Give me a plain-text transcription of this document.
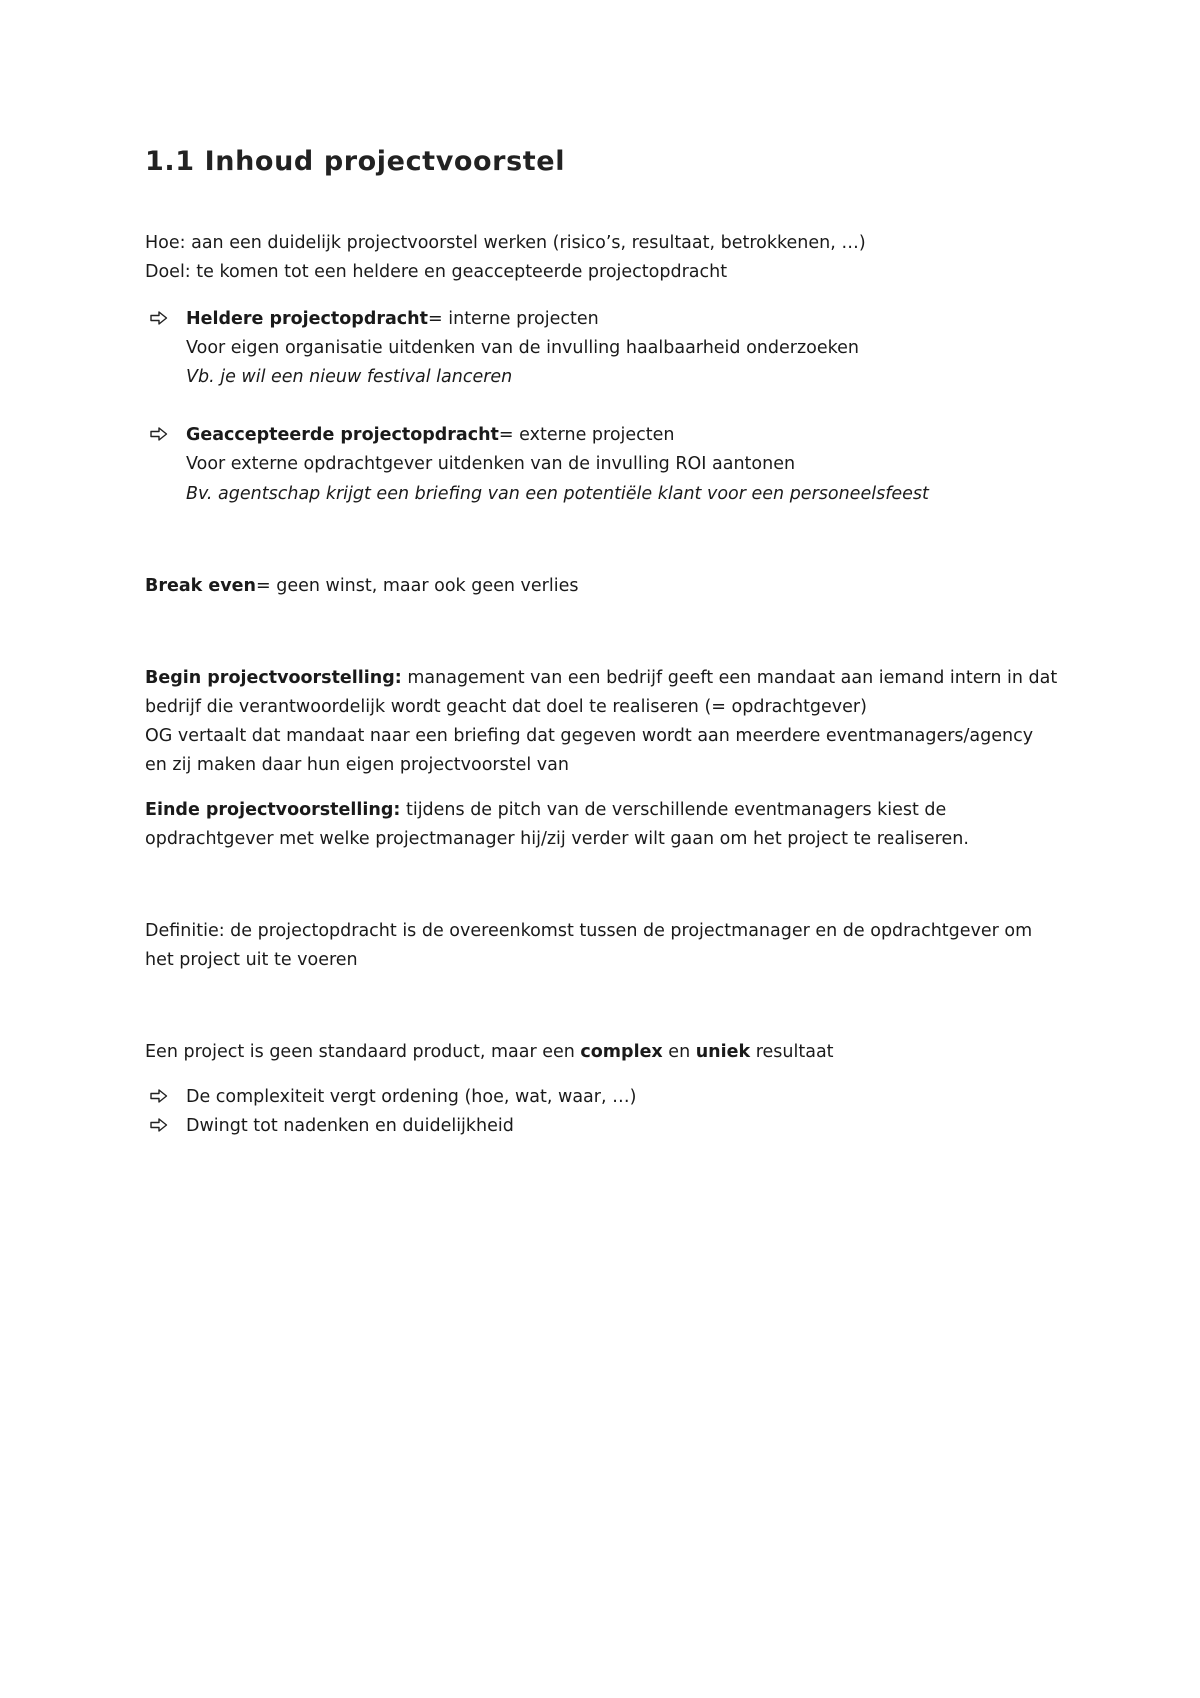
1.1 Inhoud projectvoorstel
Hoe: aan een duidelijk projectvoorstel werken (risico’s, resultaat, betrokkenen, …)
Doel: te komen tot een heldere en geaccepteerde projectopdracht
Heldere projectopdracht= interne projecten
Voor eigen organisatie uitdenken van de invulling haalbaarheid onderzoeken
Vb. je wil een nieuw festival lanceren
Geaccepteerde projectopdracht= externe projecten
Voor externe opdrachtgever uitdenken van de invulling ROI aantonen
Bv. agentschap krijgt een briefing van een potentiële klant voor een personeelsfeest
Break even= geen winst, maar ook geen verlies
Begin projectvoorstelling: management van een bedrijf geeft een mandaat aan iemand intern in dat
bedrijf die verantwoordelijk wordt geacht dat doel te realiseren (= opdrachtgever)
OG vertaalt dat mandaat naar een briefing dat gegeven wordt aan meerdere eventmanagers/agency
en zij maken daar hun eigen projectvoorstel van
Einde projectvoorstelling: tijdens de pitch van de verschillende eventmanagers kiest de
opdrachtgever met welke projectmanager hij/zij verder wilt gaan om het project te realiseren.
Definitie: de projectopdracht is de overeenkomst tussen de projectmanager en de opdrachtgever om
het project uit te voeren
Een project is geen standaard product, maar een complex en uniek resultaat
De complexiteit vergt ordening (hoe, wat, waar, …)
Dwingt tot nadenken en duidelijkheid
